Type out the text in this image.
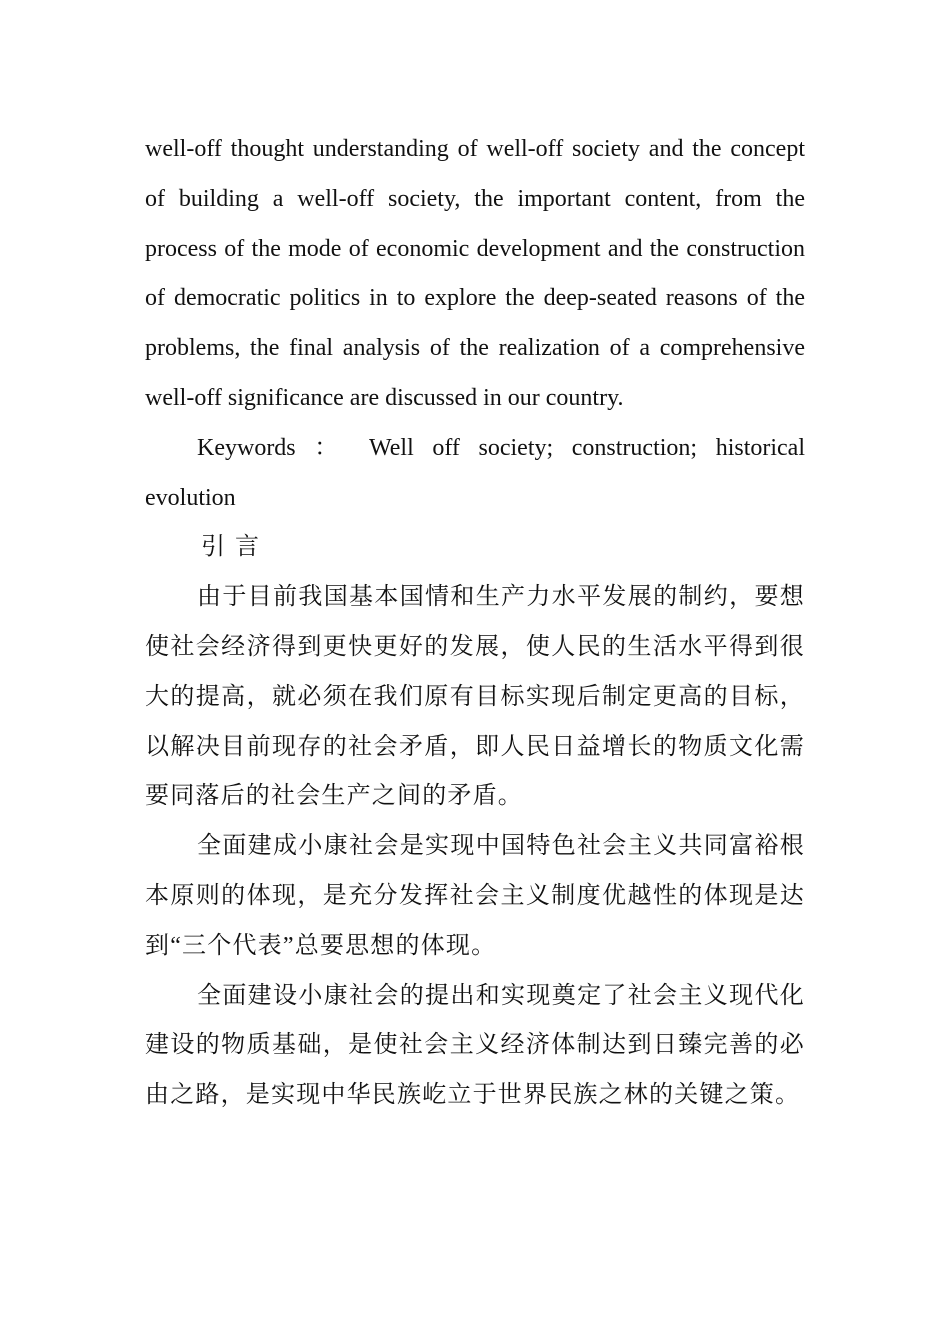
well-off thought understanding of well-off society and the concept of building a well-off society, the important content, from the process of the mode of economic development and the construction of democratic politics in to explore the deep-seated reasons of the problems, the final analysis of the realization of a comprehensive well-off significance are discussed in our country.

Keywords ： Well off society; construction; historical evolution

引言

由于目前我国基本国情和生产力水平发展的制约，要想使社会经济得到更快更好的发展，使人民的生活水平得到很大的提高，就必须在我们原有目标实现后制定更高的目标，以解决目前现存的社会矛盾，即人民日益增长的物质文化需要同落后的社会生产之间的矛盾。

全面建成小康社会是实现中国特色社会主义共同富裕根本原则的体现，是充分发挥社会主义制度优越性的体现是达到“三个代表”总要思想的体现。

全面建设小康社会的提出和实现奠定了社会主义现代化建设的物质基础，是使社会主义经济体制达到日臻完善的必由之路，是实现中华民族屹立于世界民族之林的关键之策。
